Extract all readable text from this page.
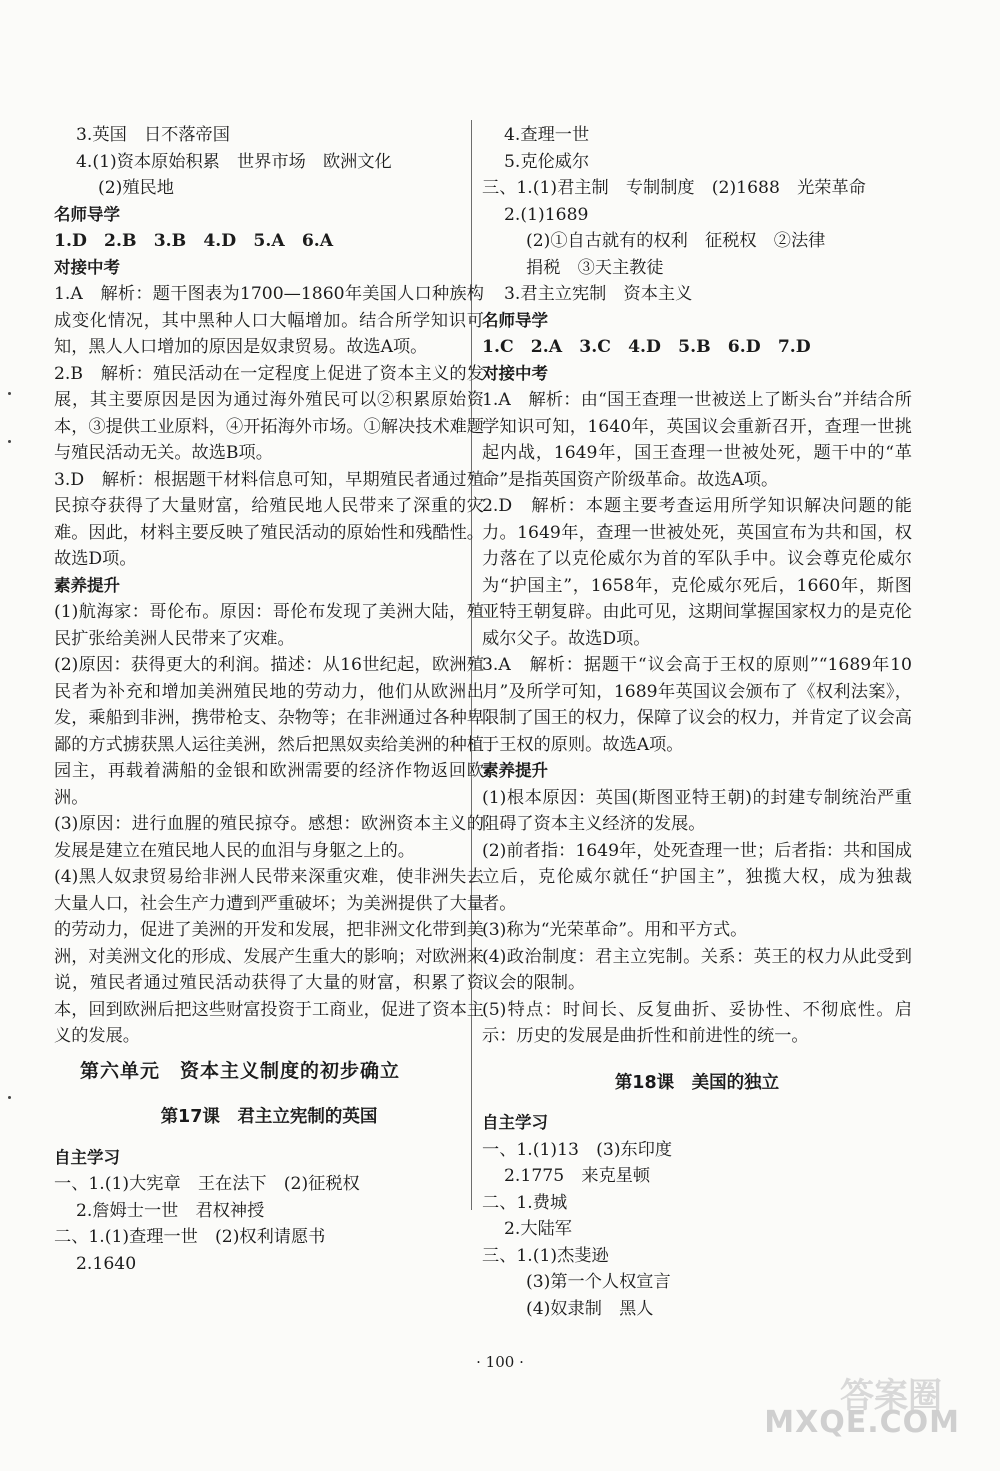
3.英国　日不落帝国
4.(1)资本原始积累　世界市场　欧洲文化
(2)殖民地
名师导学
1.D　2.B　3.B　4.D　5.A　6.A
对接中考
1.A　解析：题干图表为1700—1860年美国人口种族构成变化情况，其中黑种人口大幅增加。结合所学知识可知，黑人人口增加的原因是奴隶贸易。故选A项。
2.B　解析：殖民活动在一定程度上促进了资本主义的发展，其主要原因是因为通过海外殖民可以②积累原始资本，③提供工业原料，④开拓海外市场。①解决技术难题与殖民活动无关。故选B项。
3.D　解析：根据题干材料信息可知，早期殖民者通过殖民掠夺获得了大量财富，给殖民地人民带来了深重的灾难。因此，材料主要反映了殖民活动的原始性和残酷性。故选D项。
素养提升
(1)航海家：哥伦布。原因：哥伦布发现了美洲大陆，殖民扩张给美洲人民带来了灾难。
(2)原因：获得更大的利润。描述：从16世纪起，欧洲殖民者为补充和增加美洲殖民地的劳动力，他们从欧洲出发，乘船到非洲，携带枪支、杂物等；在非洲通过各种卑鄙的方式掳获黑人运往美洲，然后把黑奴卖给美洲的种植园主，再载着满船的金银和欧洲需要的经济作物返回欧洲。
(3)原因：进行血腥的殖民掠夺。感想：欧洲资本主义的发展是建立在殖民地人民的血泪与身躯之上的。
(4)黑人奴隶贸易给非洲人民带来深重灾难，使非洲失去大量人口，社会生产力遭到严重破坏；为美洲提供了大量的劳动力，促进了美洲的开发和发展，把非洲文化带到美洲，对美洲文化的形成、发展产生重大的影响；对欧洲来说，殖民者通过殖民活动获得了大量的财富，积累了资本，回到欧洲后把这些财富投资于工商业，促进了资本主义的发展。
第六单元　资本主义制度的初步确立
第17课　君主立宪制的英国
自主学习
一、1.(1)大宪章　王在法下　(2)征税权
2.詹姆士一世　君权神授
二、1.(1)查理一世　(2)权利请愿书
2.1640
4.查理一世
5.克伦威尔
三、1.(1)君主制　专制制度　(2)1688　光荣革命
2.(1)1689
(2)①自古就有的权利　征税权　②法律
捐税　③天主教徒
3.君主立宪制　资本主义
名师导学
1.C　2.A　3.C　4.D　5.B　6.D　7.D
对接中考
1.A　解析：由“国王查理一世被送上了断头台”并结合所学知识可知，1640年，英国议会重新召开，查理一世挑起内战，1649年，国王查理一世被处死，题干中的“革命”是指英国资产阶级革命。故选A项。
2.D　解析：本题主要考查运用所学知识解决问题的能力。1649年，查理一世被处死，英国宣布为共和国，权力落在了以克伦威尔为首的军队手中。议会尊克伦威尔为“护国主”，1658年，克伦威尔死后，1660年，斯图亚特王朝复辟。由此可见，这期间掌握国家权力的是克伦威尔父子。故选D项。
3.A　解析：据题干“议会高于王权的原则”“1689年10月”及所学可知，1689年英国议会颁布了《权利法案》，限制了国王的权力，保障了议会的权力，并肯定了议会高于王权的原则。故选A项。
素养提升
(1)根本原因：英国(斯图亚特王朝)的封建专制统治严重阻碍了资本主义经济的发展。
(2)前者指：1649年，处死查理一世；后者指：共和国成立后，克伦威尔就任“护国主”，独揽大权，成为独裁者。
(3)称为“光荣革命”。用和平方式。
(4)政治制度：君主立宪制。关系：英王的权力从此受到议会的限制。
(5)特点：时间长、反复曲折、妥协性、不彻底性。启示：历史的发展是曲折性和前进性的统一。
第18课　美国的独立
自主学习
一、1.(1)13　(3)东印度
2.1775　来克星顿
二、1.费城
2.大陆军
三、1.(1)杰斐逊
(3)第一个人权宣言
(4)奴隶制　黑人
· 100 ·
答案圈
MXQE.COM
